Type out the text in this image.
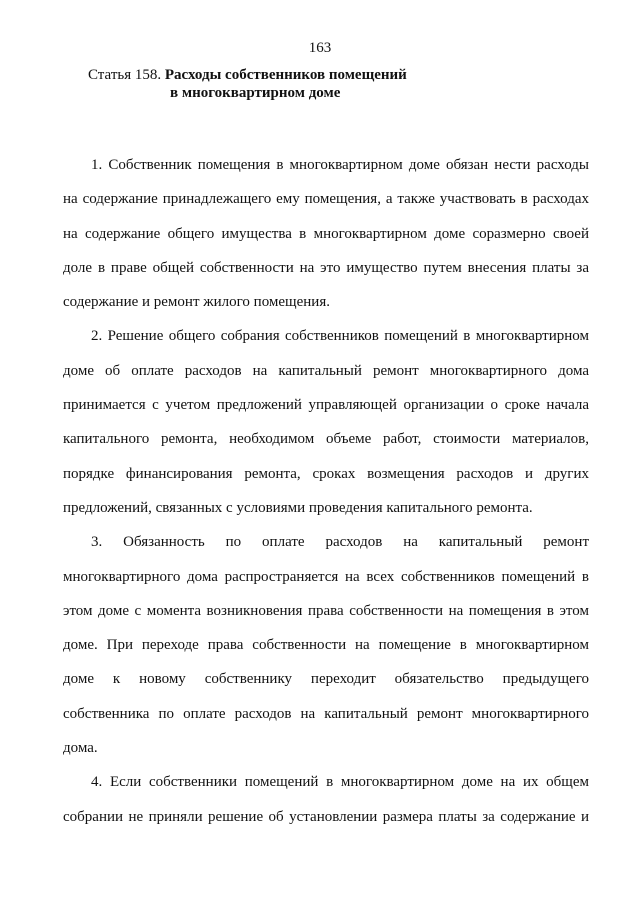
163
Статья 158. Расходы собственников помещений
в многоквартирном доме

1. Собственник помещения в многоквартирном доме обязан нести расходы
на содержание принадлежащего ему помещения, а также участвовать в расходах
на содержание общего имущества в многоквартирном доме соразмерно своей
доле в праве общей собственности на это имущество путем внесения платы за
содержание и ремонт жилого помещения.

2. Решение общего собрания собственников помещений в многоквартирном
доме об оплате расходов на капитальный ремонт многоквартирного дома
принимается с учетом предложений управляющей организации о сроке начала
капитального ремонта, необходимом объеме работ, стоимости материалов,
порядке финансирования ремонта, сроках возмещения расходов и других
предложений, связанных с условиями проведения капитального ремонта.

3. Обязанность по оплате расходов на капитальный ремонт
многоквартирного дома распространяется на всех собственников помещений в
этом доме с момента возникновения права собственности на помещения в этом
доме. При переходе права собственности на помещение в многоквартирном
доме к новому собственнику переходит обязательство предыдущего
собственника по оплате расходов на капитальный ремонт многоквартирного
дома.

4. Если собственники помещений в многоквартирном доме на их общем
собрании не приняли решение об установлении размера платы за содержание и
